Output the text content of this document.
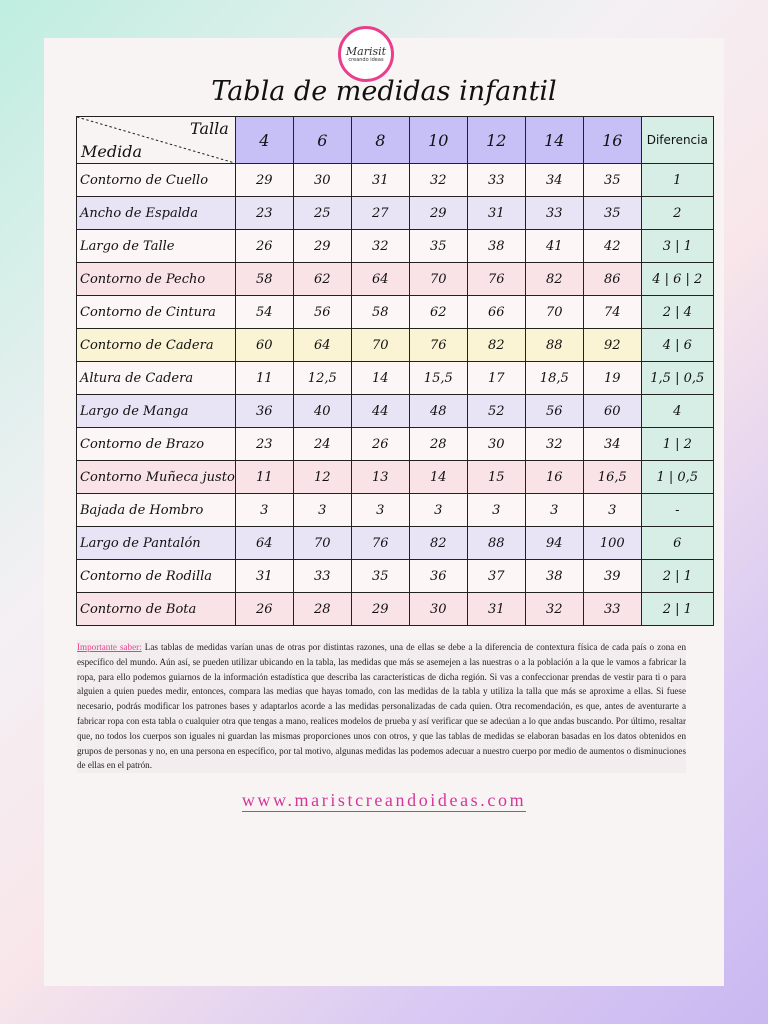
Marisit
creando ideas
Tabla de medidas infantil
Talla
Medida	4	6	8	10	12	14	16	Diferencia
Contorno de Cuello	29	30	31	32	33	34	35	1
Ancho de Espalda	23	25	27	29	31	33	35	2
Largo de Talle	26	29	32	35	38	41	42	3 | 1
Contorno de Pecho	58	62	64	70	76	82	86	4 | 6 | 2
Contorno de Cintura	54	56	58	62	66	70	74	2 | 4
Contorno de Cadera	60	64	70	76	82	88	92	4 | 6
Altura de Cadera	11	12,5	14	15,5	17	18,5	19	1,5 | 0,5
Largo de Manga	36	40	44	48	52	56	60	4
Contorno de Brazo	23	24	26	28	30	32	34	1 | 2
Contorno Muñeca justo	11	12	13	14	15	16	16,5	1 | 0,5
Bajada de Hombro	3	3	3	3	3	3	3	-
Largo de Pantalón	64	70	76	82	88	94	100	6
Contorno de Rodilla	31	33	35	36	37	38	39	2 | 1
Contorno de Bota	26	28	29	30	31	32	33	2 | 1

Importante saber: Las tablas de medidas varían unas de otras por distintas razones, una de ellas se debe a la diferencia de contextura física de cada país o zona en específico del mundo. Aún así, se pueden utilizar ubicando en la tabla, las medidas que más se asemejen a las nuestras o a la población a la que le vamos a fabricar la ropa, para ello podemos guiarnos de la información estadística que describa las características de dicha región. Si vas a confeccionar prendas de vestir para ti o para alguien a quien puedes medir, entonces, compara las medias que hayas tomado, con las medidas de la tabla y utiliza la talla que más se aproxime a ellas. Si fuese necesario, podrás modificar los patrones bases y adaptarlos acorde a las medidas personalizadas de cada quien. Otra recomendación, es que, antes de aventurarte a fabricar ropa con esta tabla o cualquier otra que tengas a mano, realices modelos de prueba y así verificar que se adecúan a lo que andas buscando. Por último, resaltar que, no todos los cuerpos son iguales ni guardan las mismas proporciones unos con otros, y que las tablas de medidas se elaboran basadas en los datos obtenidos en grupos de personas y no, en una persona en específico, por tal motivo, algunas medidas las podemos adecuar a nuestro cuerpo por medio de aumentos o disminuciones de ellas en el patrón.

www.maristcreandoideas.com
